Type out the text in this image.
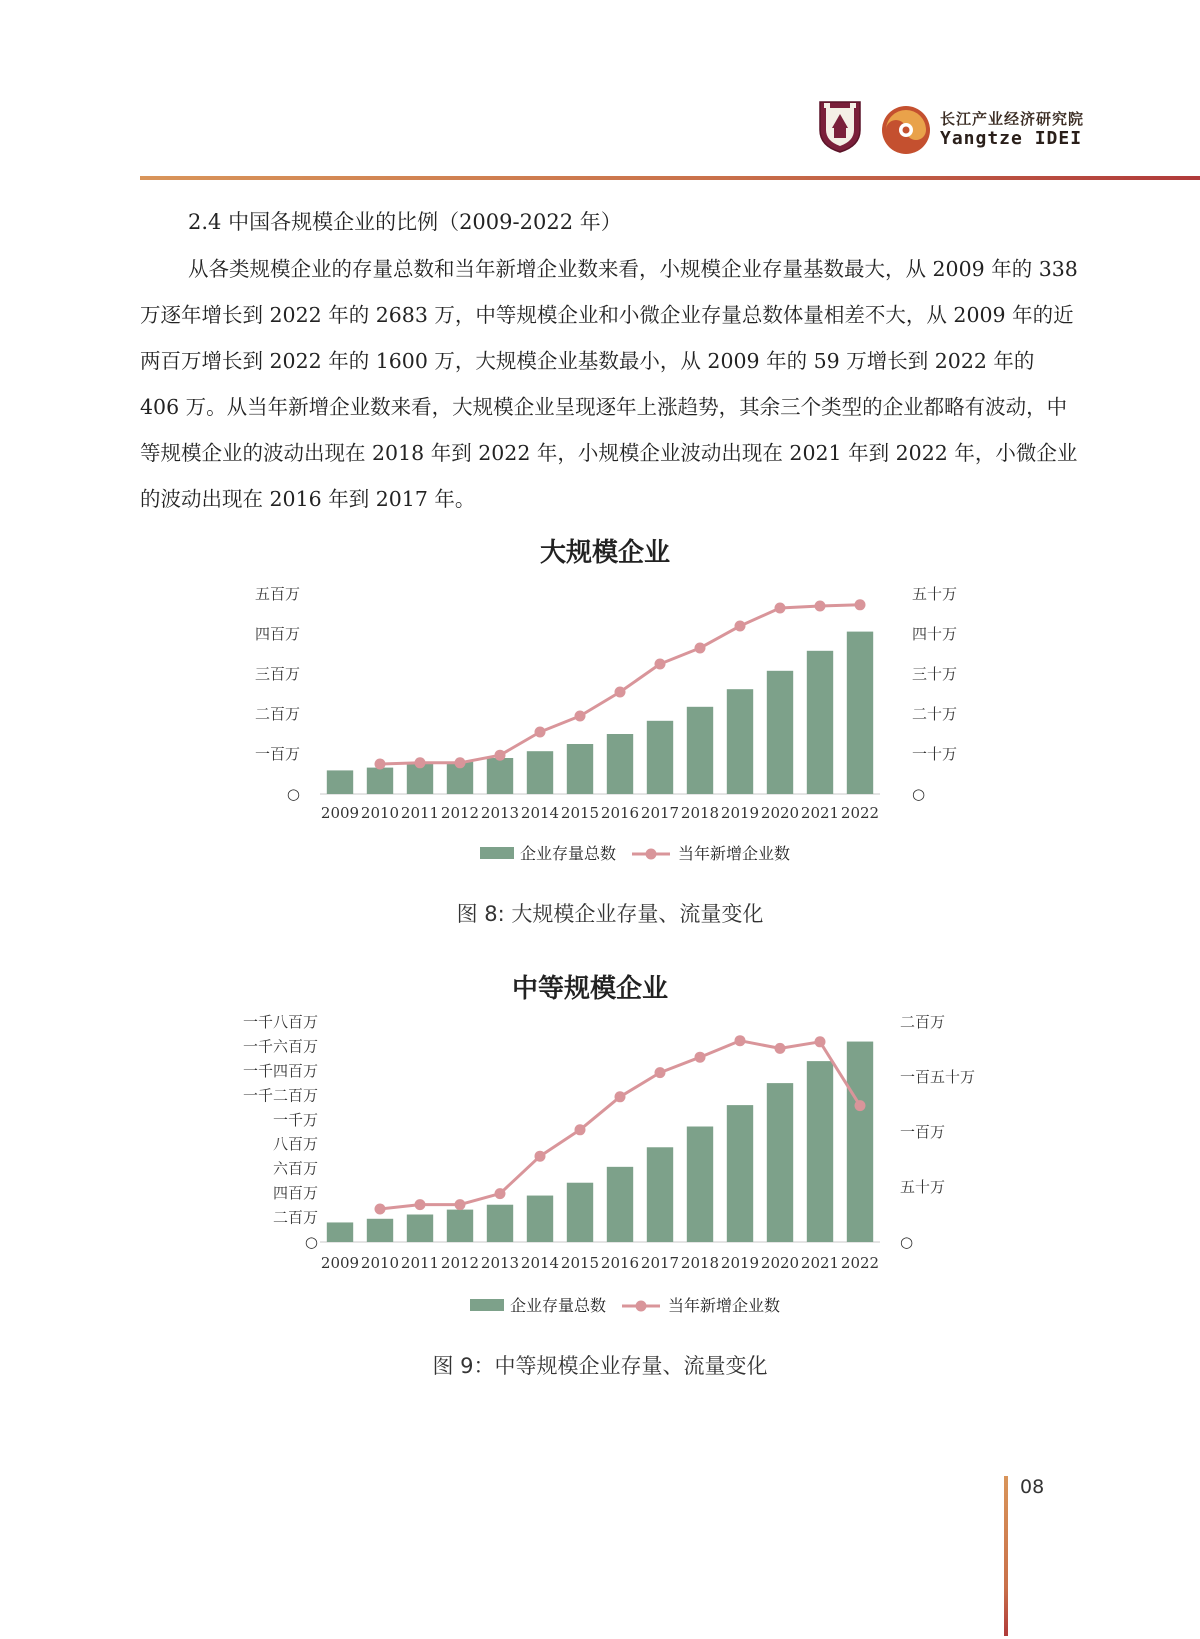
长江产业经济研究院
Yangtze IDEI
2.4 中国各规模企业的比例（2009-2022 年）

从各类规模企业的存量总数和当年新增企业数来看，小规模企业存量基数最大，从 2009 年的 338 万逐年增长到 2022 年的 2683 万，中等规模企业和小微企业存量总数体量相差不大，从 2009 年的近两百万增长到 2022 年的 1600 万，大规模企业基数最小，从 2009 年的 59 万增长到 2022 年的 406 万。从当年新增企业数来看，大规模企业呈现逐年上涨趋势，其余三个类型的企业都略有波动，中等规模企业的波动出现在 2018 年到 2022 年，小规模企业波动出现在 2021 年到 2022 年，小微企业的波动出现在 2016 年到 2017 年。

大规模企业
○
一百万
二百万
三百万
四百万
五百万
○
一十万
二十万
三十万
四十万
五十万
2009 2010 2011 2012 2013 2014 2015 2016 2017 2018 2019 2020 2021 2022
企业存量总数	当年新增企业数
图 8: 大规模企业存量、流量变化
中等规模企业
○
二百万
四百万
六百万
八百万
一千万
一千二百万
一千四百万
一千六百万
一千八百万
○
五十万
一百万
一百五十万
二百万
2009 2010 2011 2012 2013 2014 2015 2016 2017 2018 2019 2020 2021 2022
企业存量总数	当年新增企业数
图 9：中等规模企业存量、流量变化
08
